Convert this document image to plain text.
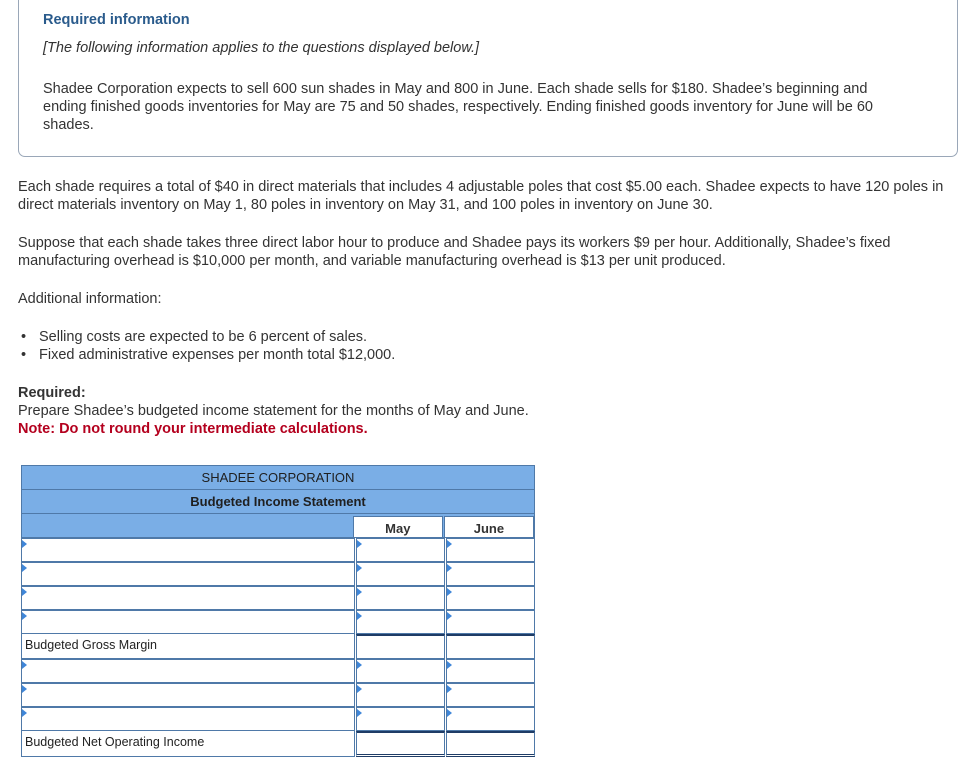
Required information
[The following information applies to the questions displayed below.]
Shadee Corporation expects to sell 600 sun shades in May and 800 in June. Each shade sells for $180. Shadee’s beginning and ending finished goods inventories for May are 75 and 50 shades, respectively. Ending finished goods inventory for June will be 60 shades.
Each shade requires a total of $40 in direct materials that includes 4 adjustable poles that cost $5.00 each. Shadee expects to have 120 poles in direct materials inventory on May 1, 80 poles in inventory on May 31, and 100 poles in inventory on June 30.
Suppose that each shade takes three direct labor hour to produce and Shadee pays its workers $9 per hour. Additionally, Shadee’s fixed manufacturing overhead is $10,000 per month, and variable manufacturing overhead is $13 per unit produced.
Additional information:
• Selling costs are expected to be 6 percent of sales.
• Fixed administrative expenses per month total $12,000.
Required:
Prepare Shadee’s budgeted income statement for the months of May and June.
Note: Do not round your intermediate calculations.
SHADEE CORPORATION
Budgeted Income Statement
May	June
Budgeted Gross Margin
Budgeted Net Operating Income
